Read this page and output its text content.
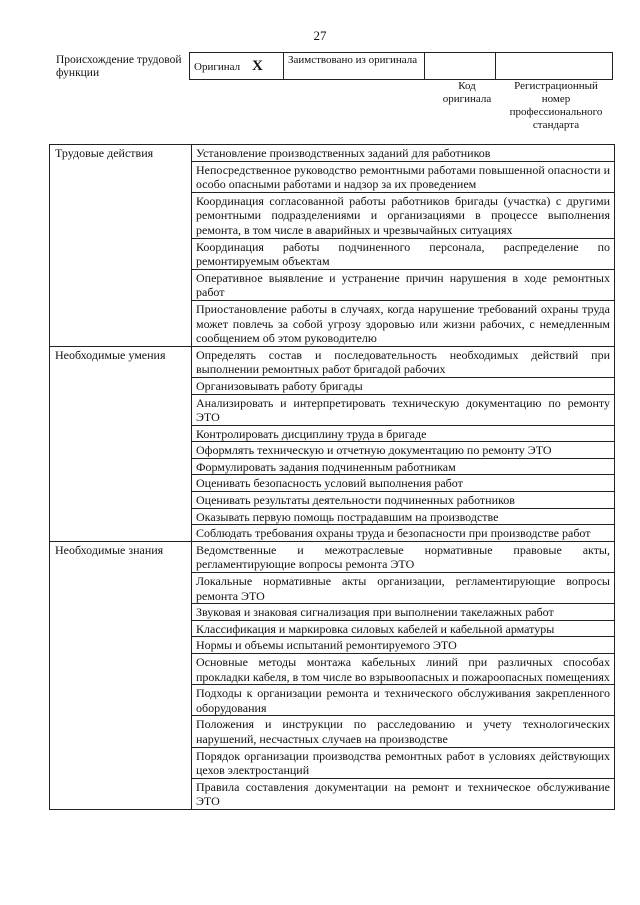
27
Происхождение трудовой функции
Оригинал X	Заимствовано из оригинала		
Код оригинала
Регистрационный номер профессионального стандарта
Трудовые действия	Установление производственных заданий для работников
	Непосредственное руководство ремонтными работами повышенной опасности и особо опасными работами и надзор за их проведением
	Координация согласованной работы работников бригады (участка) с другими ремонтными подразделениями и организациями в процессе выполнения ремонта, в том числе в аварийных и чрезвычайных ситуациях
	Координация работы подчиненного персонала, распределение по ремонтируемым объектам
	Оперативное выявление и устранение причин нарушения в ходе ремонтных работ
	Приостановление работы в случаях, когда нарушение требований охраны труда может повлечь за собой угрозу здоровью или жизни рабочих, с немедленным сообщением об этом руководителю
Необходимые умения	Определять состав и последовательность необходимых действий при выполнении ремонтных работ бригадой рабочих
	Организовывать работу бригады
	Анализировать и интерпретировать техническую документацию по ремонту ЭТО
	Контролировать дисциплину труда в бригаде
	Оформлять техническую и отчетную документацию по ремонту ЭТО
	Формулировать задания подчиненным работникам
	Оценивать безопасность условий выполнения работ
	Оценивать результаты деятельности подчиненных работников
	Оказывать первую помощь пострадавшим на производстве
	Соблюдать требования охраны труда и безопасности при производстве работ
Необходимые знания	Ведомственные и межотраслевые нормативные правовые акты, регламентирующие вопросы ремонта ЭТО
	Локальные нормативные акты организации, регламентирующие вопросы ремонта ЭТО
	Звуковая и знаковая сигнализация при выполнении такелажных работ
	Классификация и маркировка силовых кабелей и кабельной арматуры
	Нормы и объемы испытаний ремонтируемого ЭТО
	Основные методы монтажа кабельных линий при различных способах прокладки кабеля, в том числе во взрывоопасных и пожароопасных помещениях
	Подходы к организации ремонта и технического обслуживания закрепленного оборудования
	Положения и инструкции по расследованию и учету технологических нарушений, несчастных случаев на производстве
	Порядок организации производства ремонтных работ в условиях действующих цехов электростанций
	Правила составления документации на ремонт и техническое обслуживание ЭТО
